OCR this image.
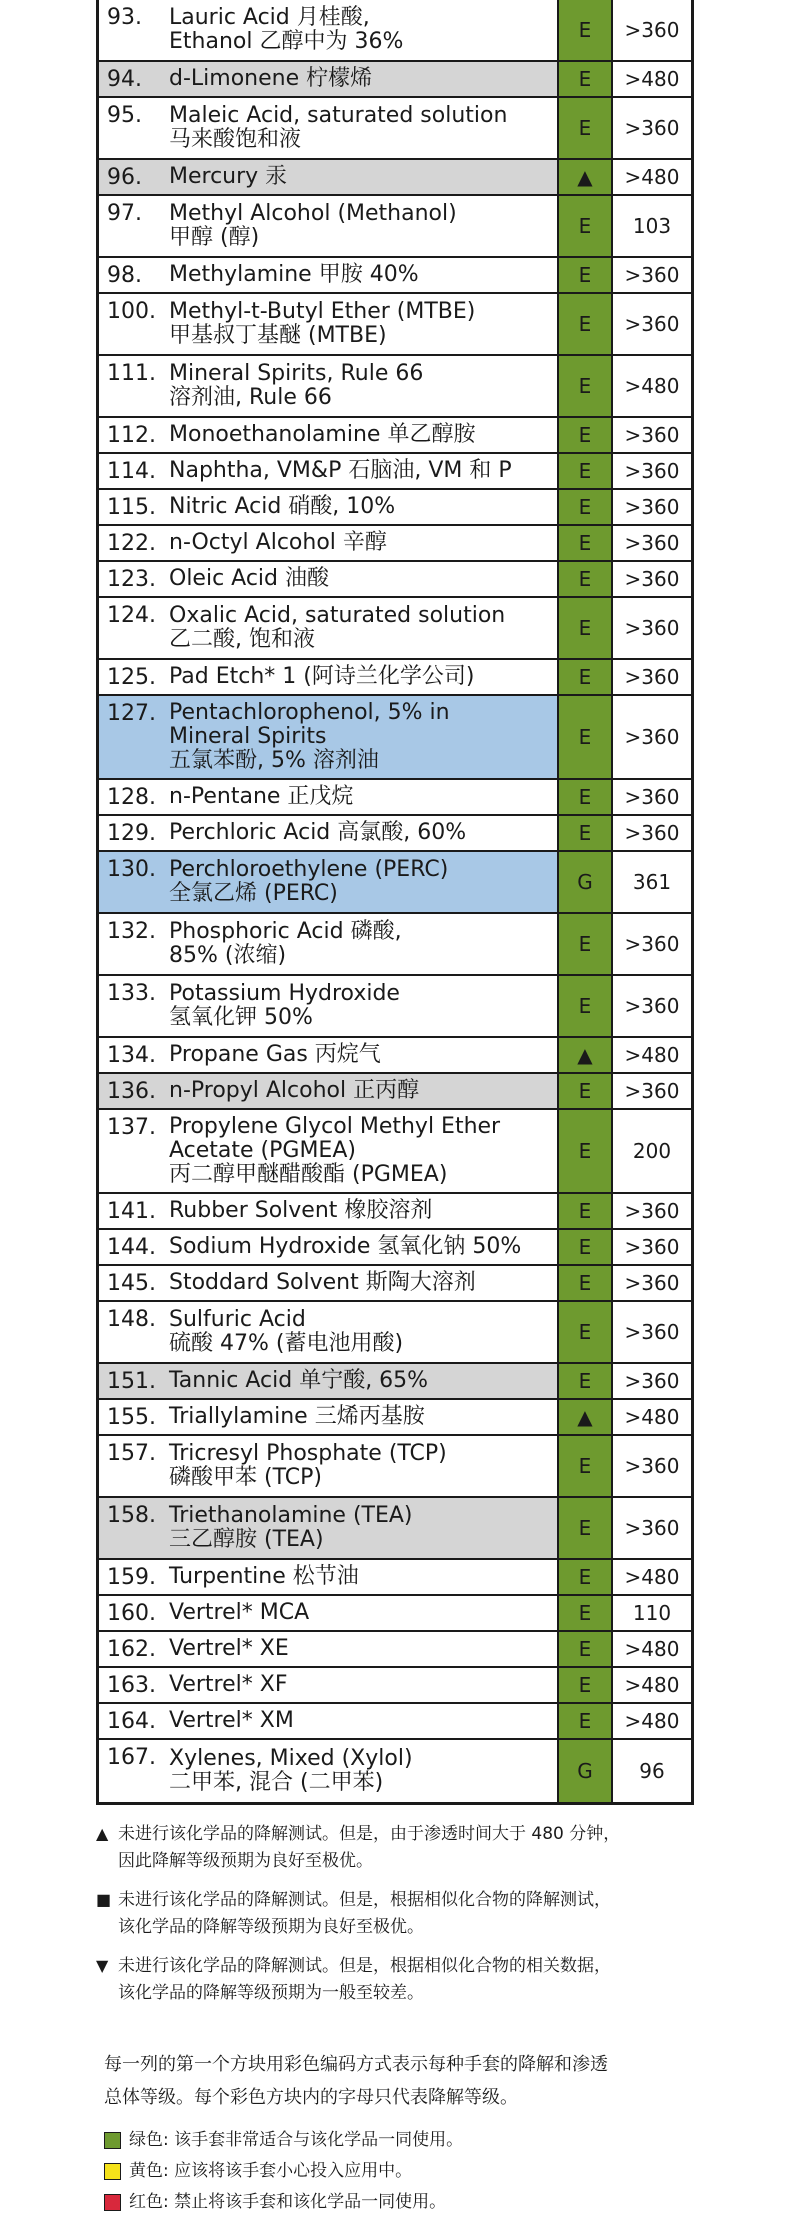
93.	Lauric Acid 月桂酸,
Ethanol 乙醇中为 36%	E	>360
94.	d-Limonene 柠檬烯	E	>480
95.	Maleic Acid, saturated solution
马来酸饱和液	E	>360
96.	Mercury 汞	▲	>480
97.	Methyl Alcohol (Methanol)
甲醇 (醇)	E	103
98.	Methylamine 甲胺 40%	E	>360
100. Methyl-t-Butyl Ether (MTBE)
甲基叔丁基醚 (MTBE)	E	>360
111. Mineral Spirits, Rule 66
溶剂油, Rule 66	E	>480
112. Monoethanolamine 单乙醇胺	E	>360
114. Naphtha, VM&P 石脑油, VM 和 P	E	>360
115. Nitric Acid 硝酸, 10%	E	>360
122. n-Octyl Alcohol 辛醇	E	>360
123. Oleic Acid 油酸	E	>360
124. Oxalic Acid, saturated solution
乙二酸, 饱和液	E	>360
125. Pad Etch* 1 (阿诗兰化学公司)	E	>360
127. Pentachlorophenol, 5% in
Mineral Spirits
五氯苯酚, 5% 溶剂油
E	>360
128. n-Pentane 正戊烷	E	>360
129. Perchloric Acid 高氯酸, 60%	E	>360
130. Perchloroethylene (PERC)
全氯乙烯 (PERC)	G	361
132. Phosphoric Acid 磷酸,
85% (浓缩)	E	>360
133. Potassium Hydroxide
氢氧化钾 50%	E	>360
134. Propane Gas 丙烷气	▲	>480
136. n-Propyl Alcohol 正丙醇	E	>360
137. Propylene Glycol Methyl Ether
Acetate (PGMEA)
丙二醇甲醚醋酸酯 (PGMEA)
E	200
141. Rubber Solvent 橡胶溶剂	E	>360
144. Sodium Hydroxide 氢氧化钠 50%	E	>360
145. Stoddard Solvent 斯陶大溶剂	E	>360
148. Sulfuric Acid
硫酸 47% (蓄电池用酸)	E	>360
151. Tannic Acid 单宁酸, 65%	E	>360
155. Triallylamine 三烯丙基胺	▲	>480
157. Tricresyl Phosphate (TCP)
磷酸甲苯 (TCP)	E	>360
158. Triethanolamine (TEA)
三乙醇胺 (TEA)	E	>360
159. Turpentine 松节油	E	>480
160. Vertrel* MCA	E	110
162. Vertrel* XE	E	>480
163. Vertrel* XF	E	>480
164. Vertrel* XM	E	>480
167. Xylenes, Mixed (Xylol)
二甲苯, 混合 (二甲苯)	G	96
▲ 未进行该化学品的降解测试。但是，由于渗透时间大于 480 分钟，
因此降解等级预期为良好至极优。
■ 未进行该化学品的降解测试。但是，根据相似化合物的降解测试，
该化学品的降解等级预期为良好至极优。
▼ 未进行该化学品的降解测试。但是，根据相似化合物的相关数据，
该化学品的降解等级预期为一般至较差。
每一列的第一个方块用彩色编码方式表示每种手套的降解和渗透
总体等级。每个彩色方块内的字母只代表降解等级。
绿色: 该手套非常适合与该化学品一同使用。
黄色: 应该将该手套小心投入应用中。
红色: 禁止将该手套和该化学品一同使用。
